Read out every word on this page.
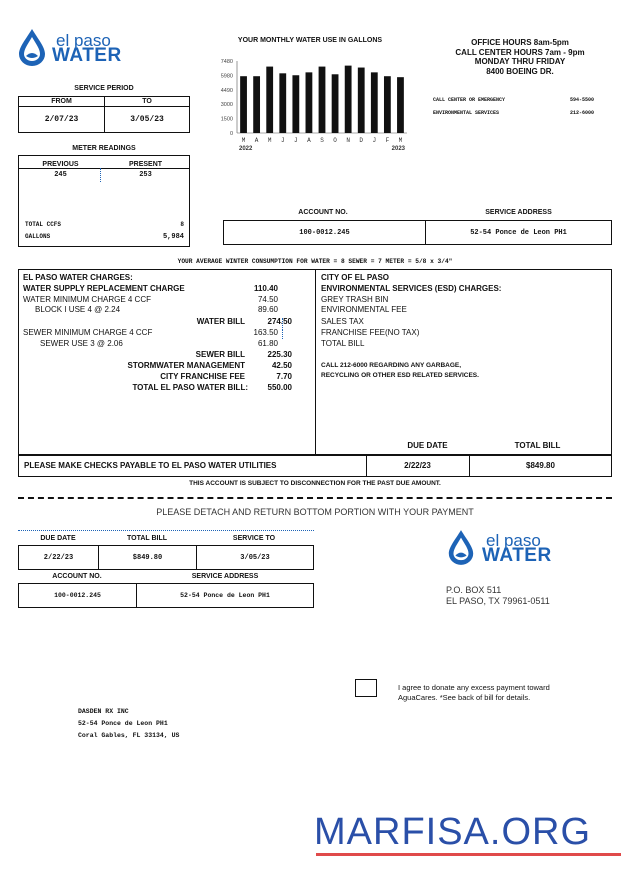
el paso
WATER
YOUR MONTHLY WATER USE IN GALLONS
0
1500
3000
4490
5980
7480
M A M J J A S O N D J F M
2022	2023
OFFICE HOURS 8am-5pm
CALL CENTER HOURS 7am - 9pm
MONDAY THRU FRIDAY
8400 BOEING DR.
CALL CENTER OR EMERGENCY	594-5500
ENVIRONMENTAL SERVICES	212-6000
SERVICE PERIOD
FROM	TO
2/07/23	3/05/23
METER READINGS
PREVIOUS	PRESENT
245	253
TOTAL CCFS	8
GALLONS	5,984
ACCOUNT NO.	SERVICE ADDRESS
100-0012.245	52-54 Ponce de Leon PH1
YOUR AVERAGE WINTER CONSUMPTION FOR WATER = 8 SEWER = 7 METER = 5/8 x 3/4"
EL PASO WATER CHARGES:
WATER SUPPLY REPLACEMENT CHARGE	110.40
WATER MINIMUM CHARGE 4 CCF	74.50
BLOCK I USE 4 @ 2.24	89.60
WATER BILL	274.50
SEWER MINIMUM CHARGE 4 CCF	163.50
SEWER USE 3 @ 2.06	61.80
SEWER BILL	225.30
STORMWATER MANAGEMENT	42.50
CITY FRANCHISE FEE	7.70
TOTAL EL PASO WATER BILL:	550.00
CITY OF EL PASO
ENVIRONMENTAL SERVICES (ESD) CHARGES:
GREY TRASH BIN
ENVIRONMENTAL FEE
SALES TAX
FRANCHISE FEE(NO TAX)
TOTAL BILL
CALL 212-6000 REGARDING ANY GARBAGE,
RECYCLING OR OTHER ESD RELATED SERVICES.
DUE DATE	TOTAL BILL
PLEASE MAKE CHECKS PAYABLE TO EL PASO WATER UTILITIES	2/22/23	$849.80
THIS ACCOUNT IS SUBJECT TO DISCONNECTION FOR THE PAST DUE AMOUNT.
PLEASE DETACH AND RETURN BOTTOM PORTION WITH YOUR PAYMENT
DUE DATE	TOTAL BILL	SERVICE TO
2/22/23	$849.80	3/05/23
ACCOUNT NO.	SERVICE ADDRESS
100-0012.245	52-54 Ponce de Leon PH1
el paso
WATER
P.O. BOX 511
EL PASO, TX 79961-0511
I agree to donate any excess payment toward
AguaCares. *See back of bill for details.
DASDEN RX INC
52-54 Ponce de Leon PH1
Coral Gables, FL 33134, US
MARFISA.ORG
